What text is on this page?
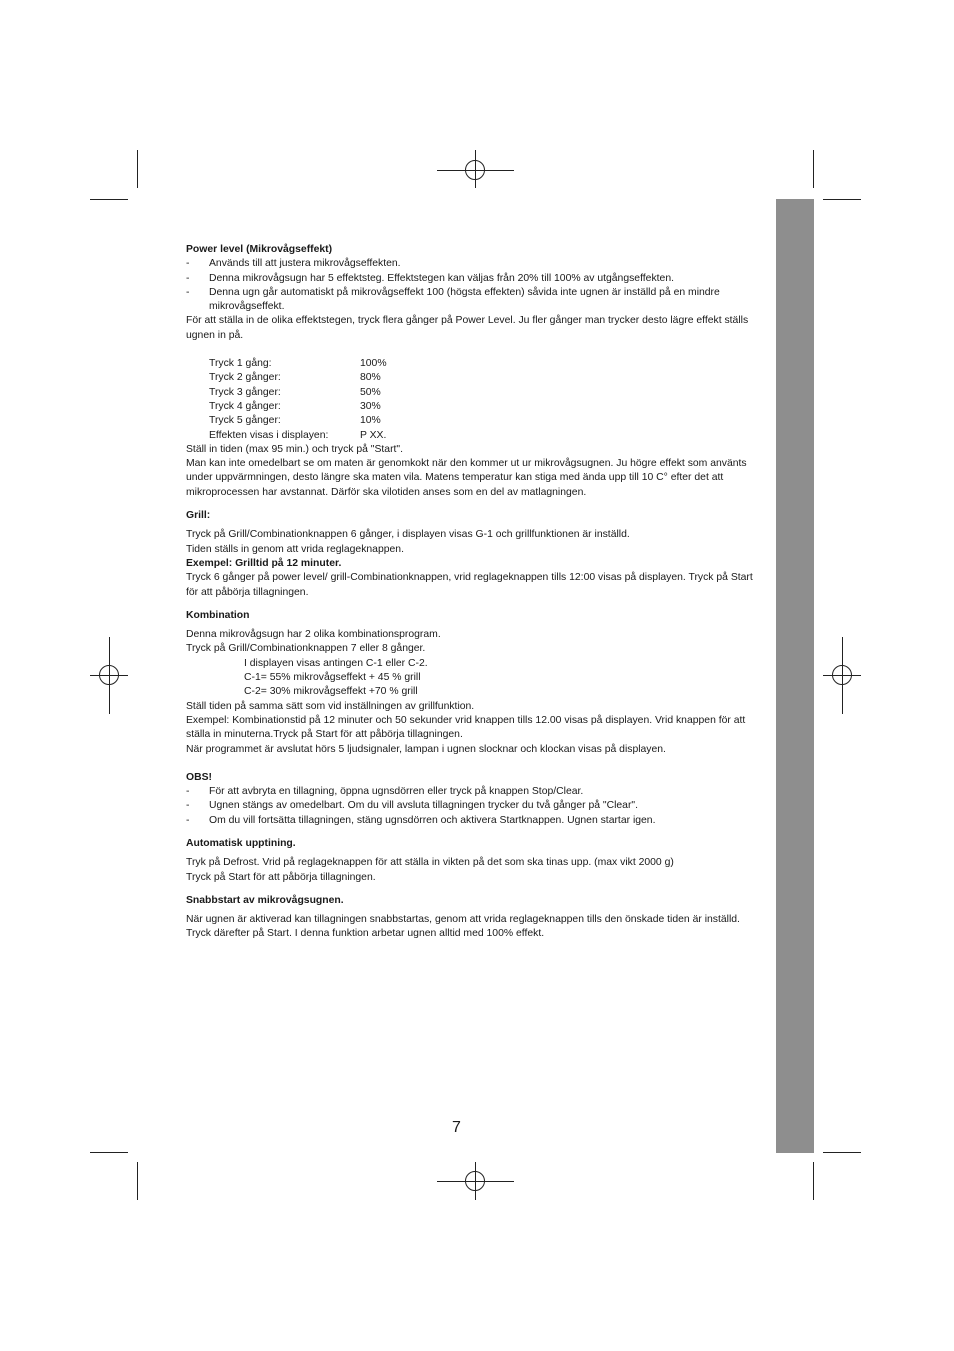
Power level (Mikrovågseffekt)

- Används till att justera mikrovågseffekten.
- Denna mikrovågsugn har 5 effektsteg. Effektstegen kan väljas från 20% till 100% av utgångseffekten.
- Denna ugn går automatiskt på mikrovågseffekt 100 (högsta effekten) såvida inte ugnen är inställd på en mindre mikrovågseffekt.

För att ställa in de olika effektstegen, tryck flera gånger på Power Level. Ju fler gånger man trycker desto lägre effekt ställs ugnen in på.

Tryck 1 gång:	100%
Tryck 2 gånger:	80%
Tryck 3 gånger:	50%
Tryck 4 gånger:	30%
Tryck 5 gånger:	10%
Effekten visas i displayen:	P XX.

Ställ in tiden (max 95 min.) och tryck på "Start".

Man kan inte omedelbart se om maten är genomkokt när den kommer ut ur mikrovågsugnen. Ju högre effekt som använts under uppvärmningen, desto längre ska maten vila. Matens temperatur kan stiga med ända upp till 10 C° efter det att mikroprocessen har avstannat. Därför ska vilotiden anses som en del av matlagningen.

Grill:

Tryck på Grill/Combinationknappen 6 gånger, i displayen visas G-1 och grillfunktionen är inställd.

Tiden ställs in genom att vrida reglageknappen.

Exempel: Grilltid på 12 minuter.

Tryck 6 gånger på power level/ grill-Combinationknappen, vrid reglageknappen tills 12:00 visas på displayen. Tryck på Start för att påbörja tillagningen.

Kombination

Denna mikrovågsugn har 2 olika kombinationsprogram.

Tryck på Grill/Combinationknappen 7 eller 8 gånger.

I displayen visas antingen C-1 eller C-2.

C-1= 55% mikrovågseffekt + 45 % grill

C-2= 30% mikrovågseffekt +70 % grill

Ställ tiden på samma sätt som vid inställningen av grillfunktion.

Exempel: Kombinationstid på 12 minuter och 50 sekunder vrid knappen tills 12.00 visas på displayen. Vrid knappen för att ställa in minuterna.Tryck på Start för att påbörja tillagningen.

När programmet är avslutat hörs 5 ljudsignaler, lampan i ugnen slocknar och klockan visas på displayen.

OBS!

- För att avbryta en tillagning, öppna ugnsdörren eller tryck på knappen Stop/Clear.
- Ugnen stängs av omedelbart. Om du vill avsluta tillagningen trycker du två gånger på "Clear".
- Om du vill fortsätta tillagningen, stäng ugnsdörren och aktivera Startknappen. Ugnen startar igen.

Automatisk upptining.

Tryk på Defrost. Vrid på reglageknappen för att ställa in vikten på det som ska tinas upp. (max vikt 2000 g)

Tryck på Start för att påbörja tillagningen.

Snabbstart av mikrovågsugnen.

När ugnen är aktiverad kan tillagningen snabbstartas, genom att vrida reglageknappen tills den önskade tiden är inställd. Tryck därefter på Start. I denna funktion arbetar ugnen alltid med 100% effekt.

7
